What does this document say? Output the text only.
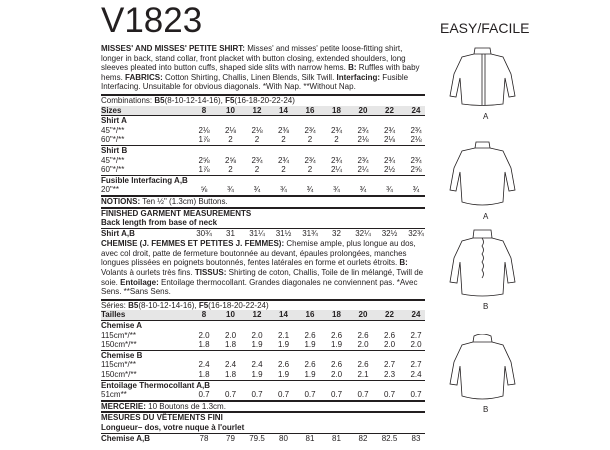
V1823	EASY/FACILE

MISSES' AND MISSES' PETITE SHIRT: Misses' and misses' petite loose-fitting shirt, longer in back, stand collar, front placket with button closing, extended shoulders, long sleeves pleated into button cuffs, shaped side slits with narrow hems. B: Ruffles with baby hems. FABRICS: Cotton Shirting, Challis, Linen Blends, Silk Twill. Interfacing: Fusible Interfacing. Unsuitable for obvious diagonals. *With Nap. **Without Nap.

Combinations: B5(8-10-12-14-16), F5(16-18-20-22-24)
Sizes	8	10	12	14	16	18	20	22	24
Shirt A
45"*/**	2⅛	2⅛	2⅛	2⅜	2¾	2¾	2¾	2¾	2¾
60"*/**	1⅞	2	2	2	2	2	2⅛	2⅛	2⅛
Shirt B
45"*/**	2⅝	2⅝	2¾	2¾	2¾	2¾	2¾	2¾	2¾
60"*/**	1⅞	2	2	2	2	2¼	2¼	2½	2⅝
Fusible Interfacing A,B
20"**	⅝	¾	¾	¾	¾	¾	¾	¾	¾
NOTIONS: Ten ½" (1.3cm) Buttons.
FINISHED GARMENT MEASUREMENTS
Back length from base of neck
Shirt A,B	30¾	31	31¼	31½	31¾	32	32¼	32½	32¾

CHEMISE (J. FEMMES ET PETITES J. FEMMES): Chemise ample, plus longue au dos, avec col droit, patte de fermeture boutonnée au devant, épaules prolongées, manches longues plissées en poignets boutonnés, fentes latérales en forme et ourlets étroits. B: Volants à ourlets très fins. TISSUS: Shirting de coton, Challis, Toile de lin mélangé, Twill de soie. Entoilage: Entoilage thermocollant. Grandes diagonales ne conviennent pas. *Avec Sens. **Sans Sens.

Séries: B5(8-10-12-14-16), F5(16-18-20-22-24)
Tailles	8	10	12	14	16	18	20	22	24
Chemise A
115cm*/**	2.0	2.0	2.0	2.1	2.6	2.6	2.6	2.6	2.7
150cm*/**	1.8	1.8	1.9	1.9	1.9	1.9	2.0	2.0	2.0
Chemise B
115cm*/**	2.4	2.4	2.4	2.6	2.6	2.6	2.6	2.7	2.7
150cm*/**	1.8	1.8	1.9	1.9	1.9	2.0	2.1	2.3	2.4
Entoilage Thermocollant A,B
51cm**	0.7	0.7	0.7	0.7	0.7	0.7	0.7	0.7	0.7
MERCERIE: 10 Boutons de 1.3cm.
MESURES DU VÊTEMENTS FINI
Longueur– dos, votre nuque à l'ourlet
Chemise A,B	78	79	79.5	80	81	81	82	82.5	83
A
A
B
B
